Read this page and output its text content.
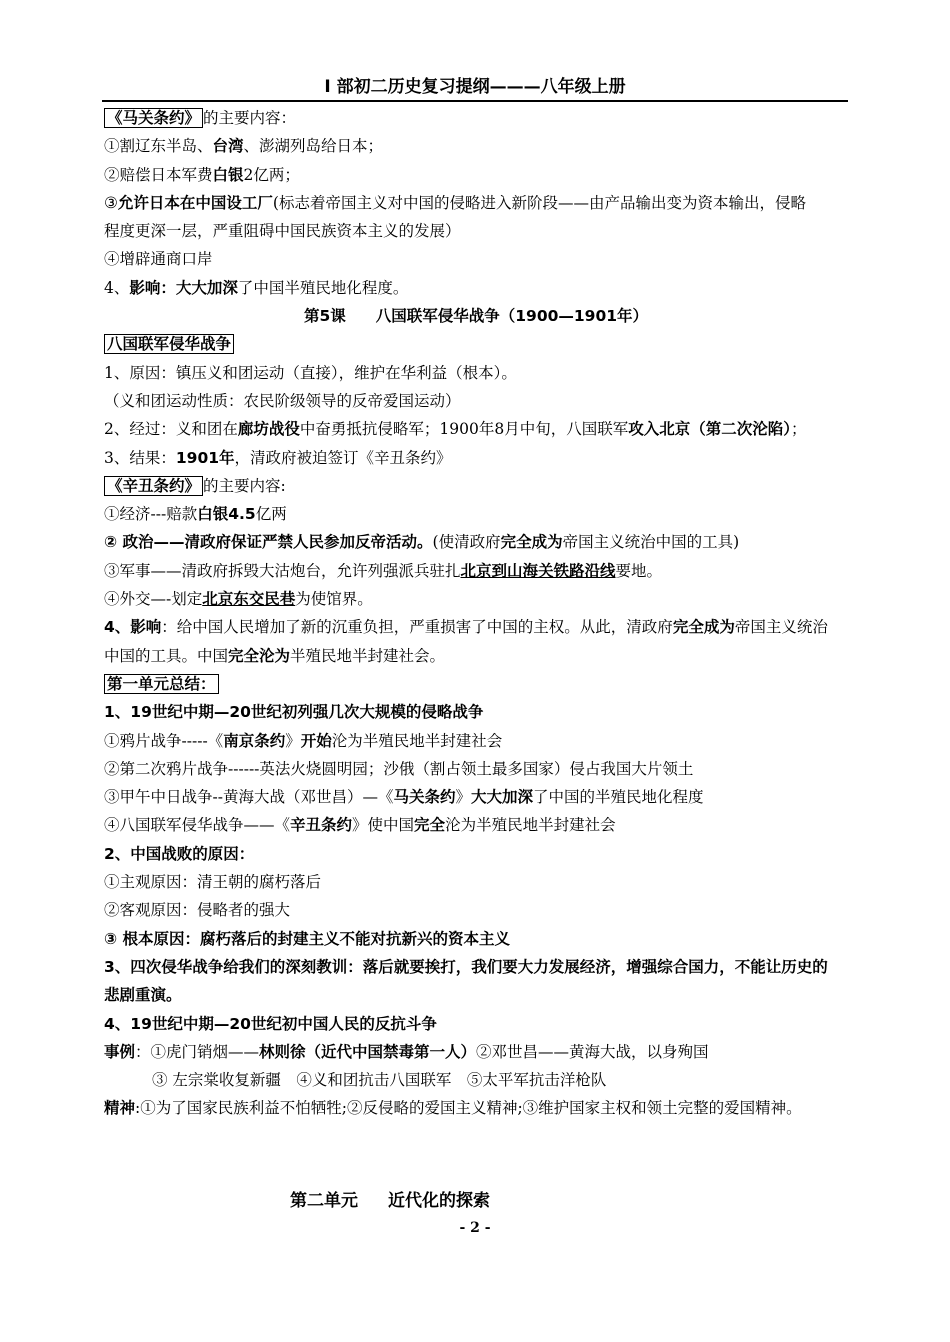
I 部初二历史复习提纲———八年级上册
《马关条约》 的主要内容：
①割辽东半岛、台湾、澎湖列岛给日本；
②赔偿日本军费白银2亿两；
③允许日本在中国设工厂(标志着帝国主义对中国的侵略进入新阶段——由产品输出变为资本输出，侵略
程度更深一层，严重阻碍中国民族资本主义的发展）
④增辟通商口岸
4、影响：大大加深了中国半殖民地化程度。
第5课 八国联军侵华战争（1900—1901年）
八国联军侵华战争
1、原因：镇压义和团运动（直接），维护在华利益（根本）。
（义和团运动性质：农民阶级领导的反帝爱国运动）
2、经过：义和团在廊坊战役中奋勇抵抗侵略军；1900年8月中旬，八国联军攻入北京（第二次沦陷）；
3、结果：1901年，清政府被迫签订《辛丑条约》
《辛丑条约》 的主要内容:
①经济---赔款白银4.5亿两
② 政治——清政府保证严禁人民参加反帝活动。(使清政府完全成为帝国主义统治中国的工具)
③军事——清政府拆毁大沽炮台，允许列强派兵驻扎北京到山海关铁路沿线要地。
④外交—-划定北京东交民巷为使馆界。
4、影响：给中国人民增加了新的沉重负担，严重损害了中国的主权。从此，清政府完全成为帝国主义统治
中国的工具。中国完全沦为半殖民地半封建社会。
第一单元总结：
1、19世纪中期—20世纪初列强几次大规模的侵略战争
①鸦片战争-----《南京条约》开始沦为半殖民地半封建社会
②第二次鸦片战争------英法火烧圆明园；沙俄（割占领土最多国家）侵占我国大片领土
③甲午中日战争--黄海大战（邓世昌）—《马关条约》大大加深了中国的半殖民地化程度
④八国联军侵华战争——《辛丑条约》使中国完全沦为半殖民地半封建社会
2、中国战败的原因：
①主观原因：清王朝的腐朽落后
②客观原因：侵略者的强大
③ 根本原因：腐朽落后的封建主义不能对抗新兴的资本主义
3、四次侵华战争给我们的深刻教训：落后就要挨打，我们要大力发展经济，增强综合国力，不能让历史的
悲剧重演。
4、19世纪中期—20世纪初中国人民的反抗斗争
事例：①虎门销烟——林则徐（近代中国禁毒第一人）②邓世昌——黄海大战，以身殉国
③ 左宗棠收复新疆　④义和团抗击八国联军　⑤太平军抗击洋枪队
精神:①为了国家民族利益不怕牺牲;②反侵略的爱国主义精神;③维护国家主权和领土完整的爱国精神。
第二单元 近代化的探索
- 2 -
